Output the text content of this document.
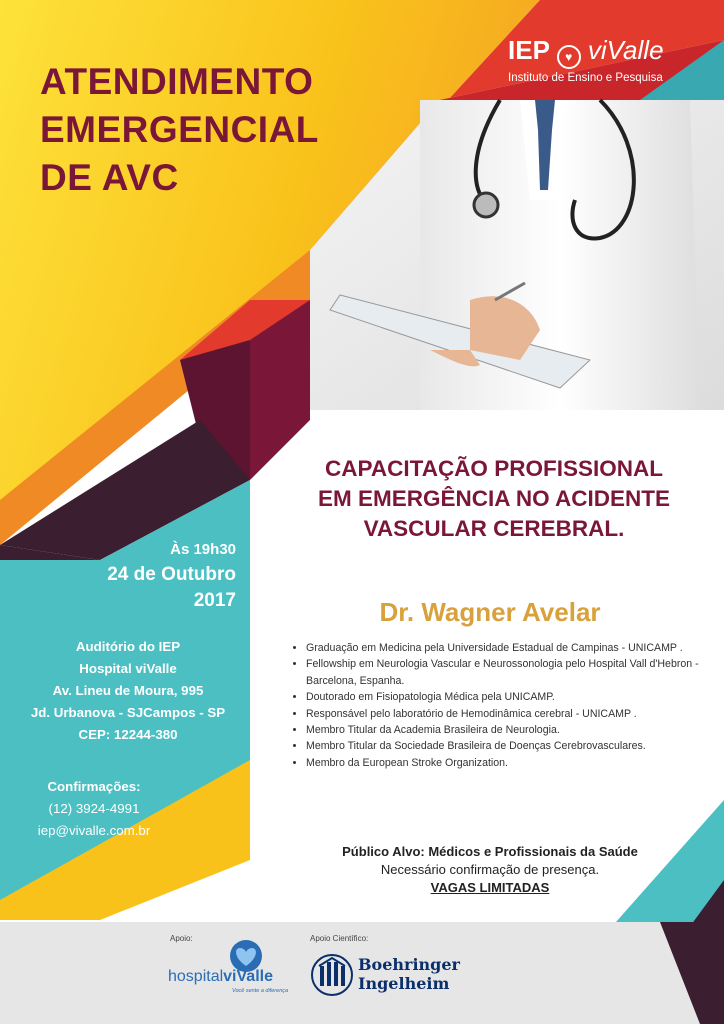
IEP ♥ viValle
Instituto de Ensino e Pesquisa
ATENDIMENTO
EMERGENCIAL
DE AVC
CAPACITAÇÃO PROFISSIONAL
EM EMERGÊNCIA NO ACIDENTE
VASCULAR CEREBRAL.
Às 19h30
24 de Outubro
2017
Auditório do IEP
Hospital viValle
Av. Lineu de Moura, 995
Jd. Urbanova - SJCampos - SP
CEP: 12244-380
Confirmações:
(12) 3924-4991
iep@vivalle.com.br
Dr. Wagner Avelar
• Graduação em Medicina pela Universidade Estadual de Campinas - UNICAMP .
• Fellowship em Neurologia Vascular e Neurossonologia pelo Hospital Vall d'Hebron - Barcelona, Espanha.
• Doutorado em Fisiopatologia Médica pela UNICAMP.
• Responsável pelo laboratório de Hemodinâmica cerebral - UNICAMP .
• Membro Titular da Academia Brasileira de Neurologia.
• Membro Titular da Sociedade Brasileira de Doenças Cerebrovasculares.
• Membro da European Stroke Organization.
Público Alvo: Médicos e Profissionais da Saúde
Necessário confirmação de presença.
VAGAS LIMITADAS
Apoio:	Apoio Científico:
hospitalviValle
Você sente a diferença
Boehringer
Ingelheim
